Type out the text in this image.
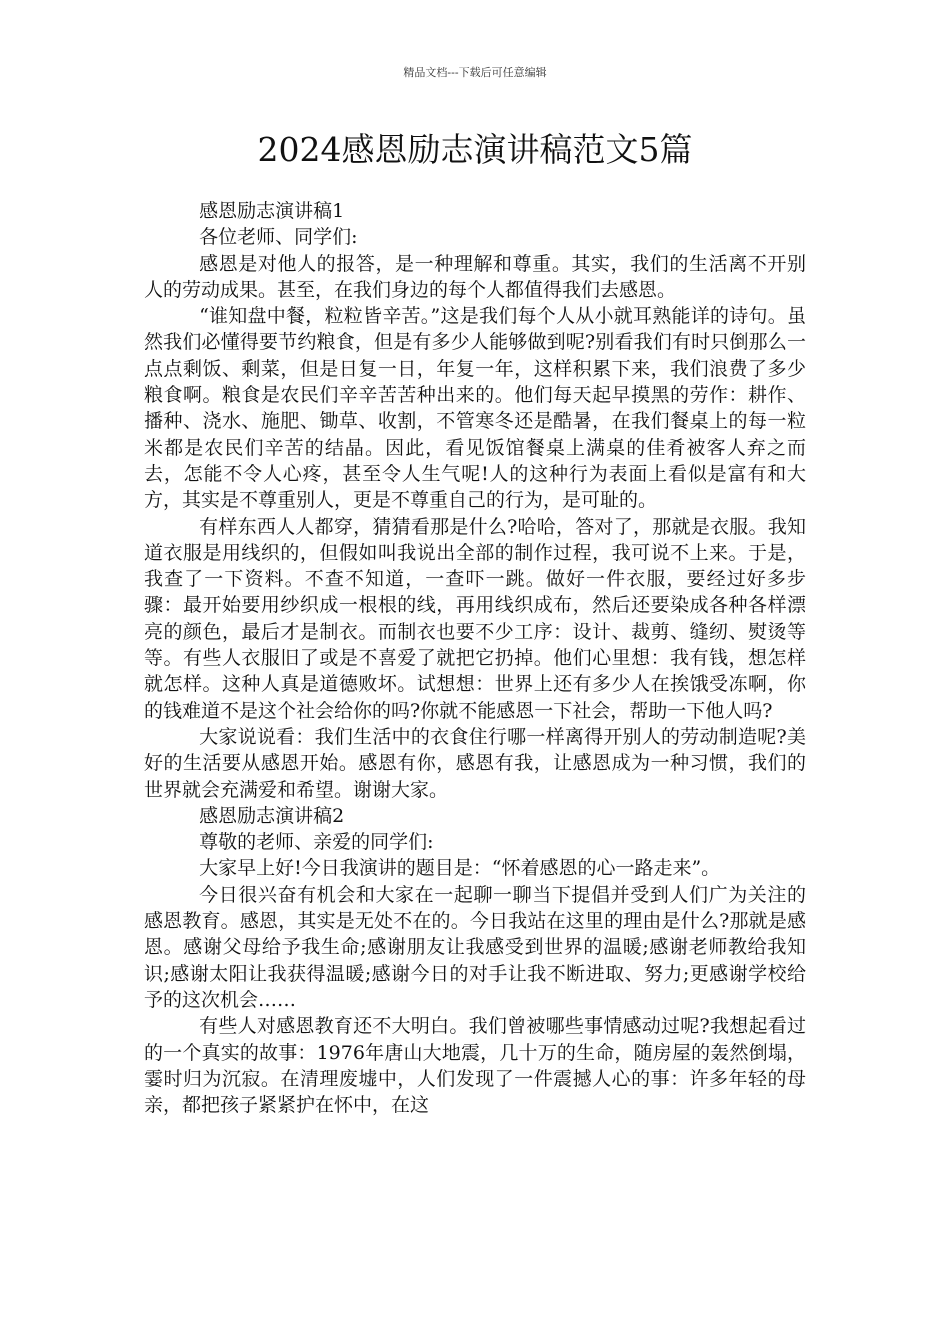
精品文档---下载后可任意编辑
2024感恩励志演讲稿范文5篇

感恩励志演讲稿1

各位老师、同学们:

感恩是对他人的报答，是一种理解和尊重。其实，我们的生活离不开别人的劳动成果。甚至，在我们身边的每个人都值得我们去感恩。

“谁知盘中餐，粒粒皆辛苦。”这是我们每个人从小就耳熟能详的诗句。虽然我们必懂得要节约粮食，但是有多少人能够做到呢?别看我们有时只倒那么一点点剩饭、剩菜，但是日复一日，年复一年，这样积累下来，我们浪费了多少粮食啊。粮食是农民们辛辛苦苦种出来的。他们每天起早摸黑的劳作：耕作、播种、浇水、施肥、锄草、收割，不管寒冬还是酷暑，在我们餐桌上的每一粒米都是农民们辛苦的结晶。因此，看见饭馆餐桌上满桌的佳肴被客人弃之而去，怎能不令人心疼，甚至令人生气呢!人的这种行为表面上看似是富有和大方，其实是不尊重别人，更是不尊重自己的行为，是可耻的。

有样东西人人都穿，猜猜看那是什么?哈哈，答对了，那就是衣服。我知道衣服是用线织的，但假如叫我说出全部的制作过程，我可说不上来。于是，我查了一下资料。不查不知道，一查吓一跳。做好一件衣服，要经过好多步骤：最开始要用纱织成一根根的线，再用线织成布，然后还要染成各种各样漂亮的颜色，最后才是制衣。而制衣也要不少工序：设计、裁剪、缝纫、熨烫等等。有些人衣服旧了或是不喜爱了就把它扔掉。他们心里想：我有钱，想怎样就怎样。这种人真是道德败坏。试想想：世界上还有多少人在挨饿受冻啊，你的钱难道不是这个社会给你的吗?你就不能感恩一下社会，帮助一下他人吗?

大家说说看：我们生活中的衣食住行哪一样离得开别人的劳动制造呢?美好的生活要从感恩开始。感恩有你，感恩有我，让感恩成为一种习惯，我们的世界就会充满爱和希望。谢谢大家。

感恩励志演讲稿2

尊敬的老师、亲爱的同学们:

大家早上好!今日我演讲的题目是：“怀着感恩的心一路走来”。

今日很兴奋有机会和大家在一起聊一聊当下提倡并受到人们广为关注的感恩教育。感恩，其实是无处不在的。今日我站在这里的理由是什么?那就是感恩。感谢父母给予我生命;感谢朋友让我感受到世界的温暖;感谢老师教给我知识;感谢太阳让我获得温暖;感谢今日的对手让我不断进取、努力;更感谢学校给予的这次机会……

有些人对感恩教育还不大明白。我们曾被哪些事情感动过呢?我想起看过的一个真实的故事：1976年唐山大地震，几十万的生命，随房屋的轰然倒塌，霎时归为沉寂。在清理废墟中，人们发现了一件震撼人心的事：许多年轻的母亲，都把孩子紧紧护在怀中，在这
